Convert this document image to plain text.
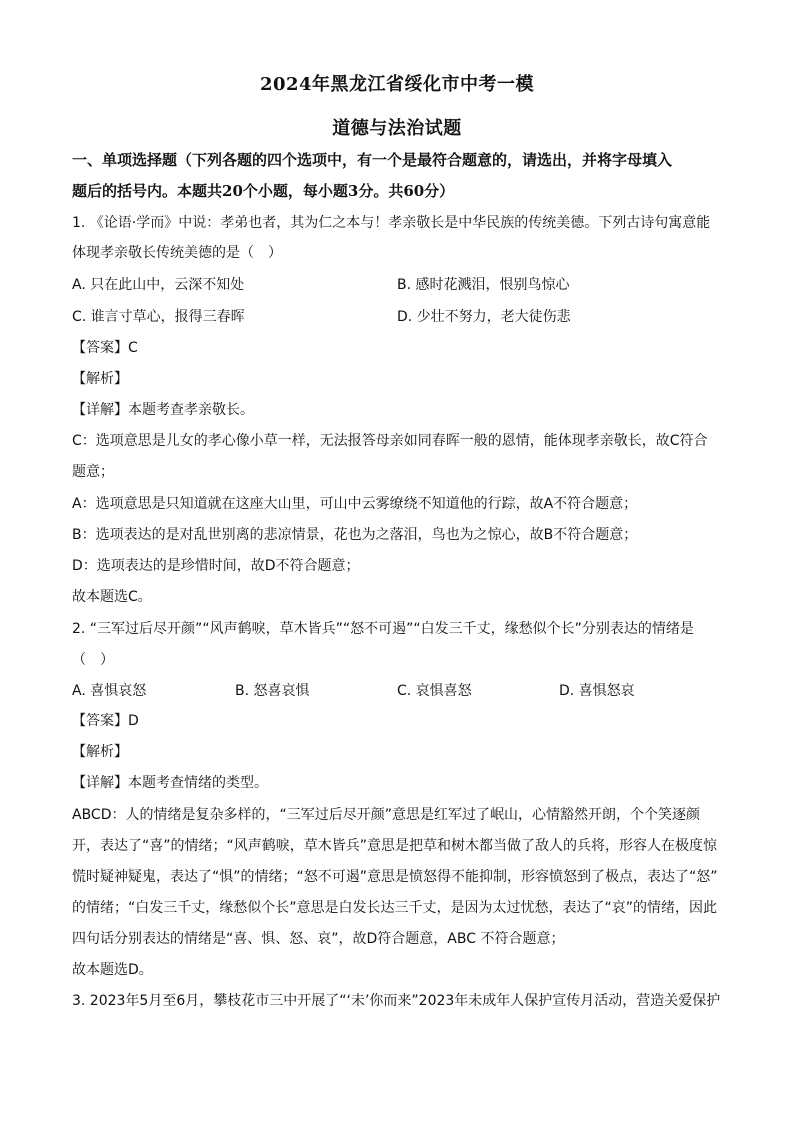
2024年黑龙江省绥化市中考一模
道德与法治试题
一、单项选择题（下列各题的四个选项中，有一个是最符合题意的，请选出，并将字母填入
题后的括号内。本题共20个小题，每小题3分。共60分）
1. 《论语·学而》中说：孝弟也者，其为仁之本与！孝亲敬长是中华民族的传统美德。下列古诗句寓意能
体现孝亲敬长传统美德的是（　）
A. 只在此山中，云深不知处	B. 感时花溅泪，恨别鸟惊心
C. 谁言寸草心，报得三春晖	D. 少壮不努力，老大徒伤悲
【答案】C
【解析】
【详解】本题考查孝亲敬长。
C：选项意思是儿女的孝心像小草一样，无法报答母亲如同春晖一般的恩情，能体现孝亲敬长，故C符合
题意；
A：选项意思是只知道就在这座大山里，可山中云雾缭绕不知道他的行踪，故A不符合题意；
B：选项表达的是对乱世别离的悲凉情景，花也为之落泪，鸟也为之惊心，故B不符合题意；
D：选项表达的是珍惜时间，故D不符合题意；
故本题选C。
2. “三军过后尽开颜”“风声鹤唳，草木皆兵”“怒不可遏”“白发三千丈，缘愁似个长”分别表达的情绪是
（　）
A. 喜惧哀怒	B. 怒喜哀惧	C. 哀惧喜怒	D. 喜惧怒哀
【答案】D
【解析】
【详解】本题考查情绪的类型。
ABCD：人的情绪是复杂多样的，“三军过后尽开颜”意思是红军过了岷山，心情豁然开朗，个个笑逐颜
开，表达了“喜”的情绪；“风声鹤唳，草木皆兵”意思是把草和树木都当做了敌人的兵将，形容人在极度惊
慌时疑神疑鬼，表达了“惧”的情绪；“怒不可遏”意思是愤怒得不能抑制，形容愤怒到了极点，表达了“怒”
的情绪；“白发三千丈，缘愁似个长”意思是白发长达三千丈，是因为太过忧愁，表达了“哀”的情绪，因此
四句话分别表达的情绪是“喜、惧、怒、哀”，故D符合题意，ABC 不符合题意；
故本题选D。
3. 2023年5月至6月，攀枝花市三中开展了“‘未’你而来”2023年未成年人保护宣传月活动，营造关爱保护
